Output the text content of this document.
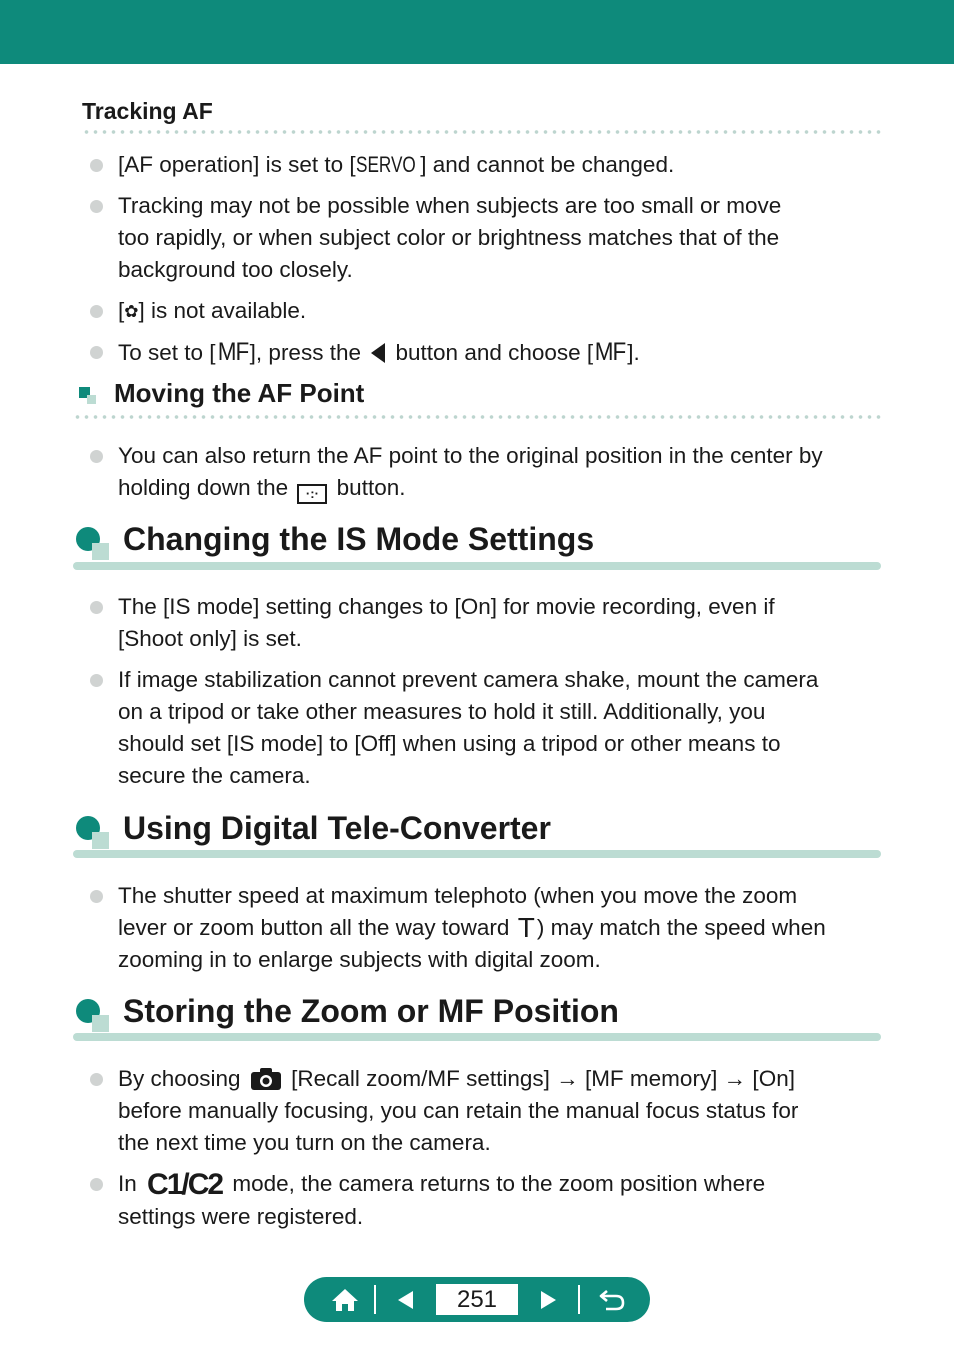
Tracking AF
[AF operation] is set to [SERVO ] and cannot be changed.
Tracking may not be possible when subjects are too small or move
too rapidly, or when subject color or brightness matches that of the
background too closely.
[✿] is not available.
To set to [MF], press the button and choose [MF].
Moving the AF Point
You can also return the AF point to the original position in the center by
holding down the ·:· button.
Changing the IS Mode Settings
The [IS mode] setting changes to [On] for movie recording, even if
[Shoot only] is set.
If image stabilization cannot prevent camera shake, mount the camera
on a tripod or take other measures to hold it still. Additionally, you
should set [IS mode] to [Off] when using a tripod or other means to
secure the camera.
Using Digital Tele-Converter
The shutter speed at maximum telephoto (when you move the zoom
lever or zoom button all the way toward T) may match the speed when
zooming in to enlarge subjects with digital zoom.
Storing the Zoom or MF Position
By choosing [Recall zoom/MF settings] → [MF memory] → [On]
before manually focusing, you can retain the manual focus status for
the next time you turn on the camera.
In C1/C2 mode, the camera returns to the zoom position where
settings were registered.
251
